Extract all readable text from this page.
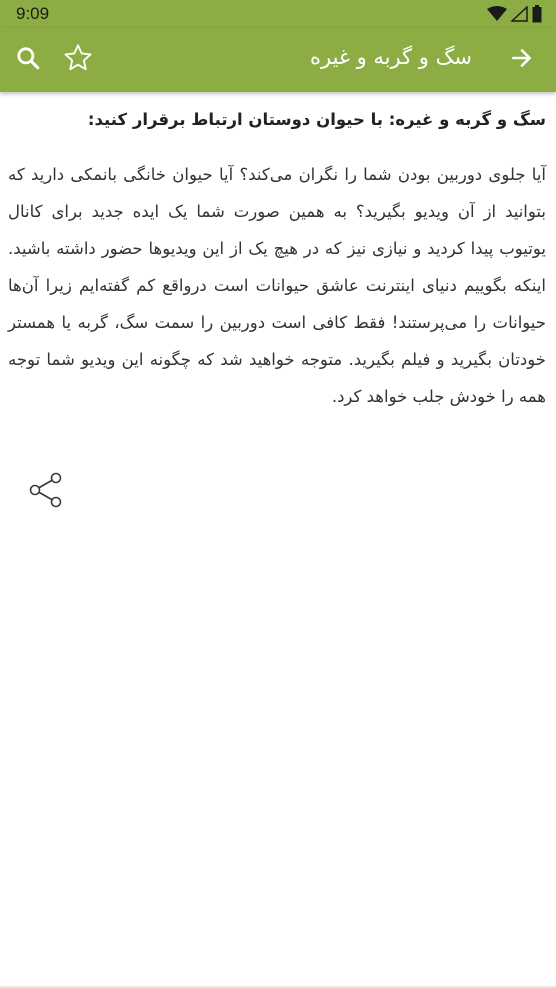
9:09
سگ و گربه و غیره
سگ و گربه و غیره: با حیوان دوستان ارتباط برقرار کنید:
آیا جلوی دوربین بودن شما را نگران می‌کند؟ آیا حیوان خانگی بانمکی دارید که بتوانید از آن ویدیو بگیرید؟ به همین صورت شما یک ایده جدید برای کانال یوتیوب پیدا کردید و نیازی نیز که در هیچ یک از این ویدیوها حضور داشته باشید. اینکه بگوییم دنیای اینترنت عاشق حیوانات است درواقع کم گفته‌ایم زیرا آن‌ها حیوانات را می‌پرستند! فقط کافی است دوربین را سمت سگ، گربه یا همستر خودتان بگیرید و فیلم بگیرید. متوجه خواهید شد که چگونه این ویدیو شما توجه همه را خودش جلب خواهد کرد.
